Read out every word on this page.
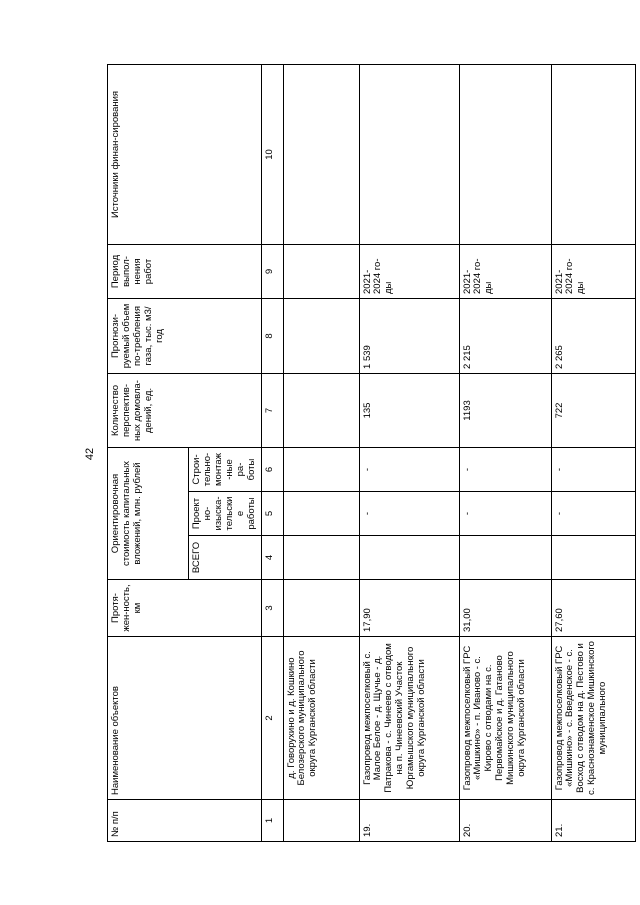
42
№ п/п	Наименование объектов	Протя-жен-ность, км	Ориентировочная стоимость капитальных вложений, млн. рублей			Количество перспектив-ных домовла-дений, ед.	Прогнози-руемый объем по-требления газа, тыс. м3/год	Период выпол-нения работ	Источники финан-сирования
			ВСЕГО	Проектно-изыска-тельские работы	Строи-тельно-монтаж-ные ра-боты				
1	2	3	4	5	6	7	8	9	10
	д. Говорухино и д. Кошкино Белозерского муниципального округа Курганской области								
19.	Газопровод межпоселковый с. Малое Белое - д. Щучье - д. Патракова - с. Чинеево с отводом на п. Чинеевский Участок Юргамышского муниципального округа Курганской области	17,90		-	-	135	1 539	2021-2024 го-ды	
20.	Газопровод межпоселковый ГРС «Мишкино» - п. Иваново - с. Кирово с отводами на с. Первомайское и д. Гатаново Мишкинского муниципального округа Курганской области	31,00		-	-	1193	2 215	2021-2024 го-ды	
21.	Газопровод межпоселковый ГРС «Мишкино» - с. Введенское - с. Восход с отводом на д. Пестово и с. Краснознаменское Мишкинского муниципального	27,60		-	-	722	2 265	2021-2024 го-ды	
